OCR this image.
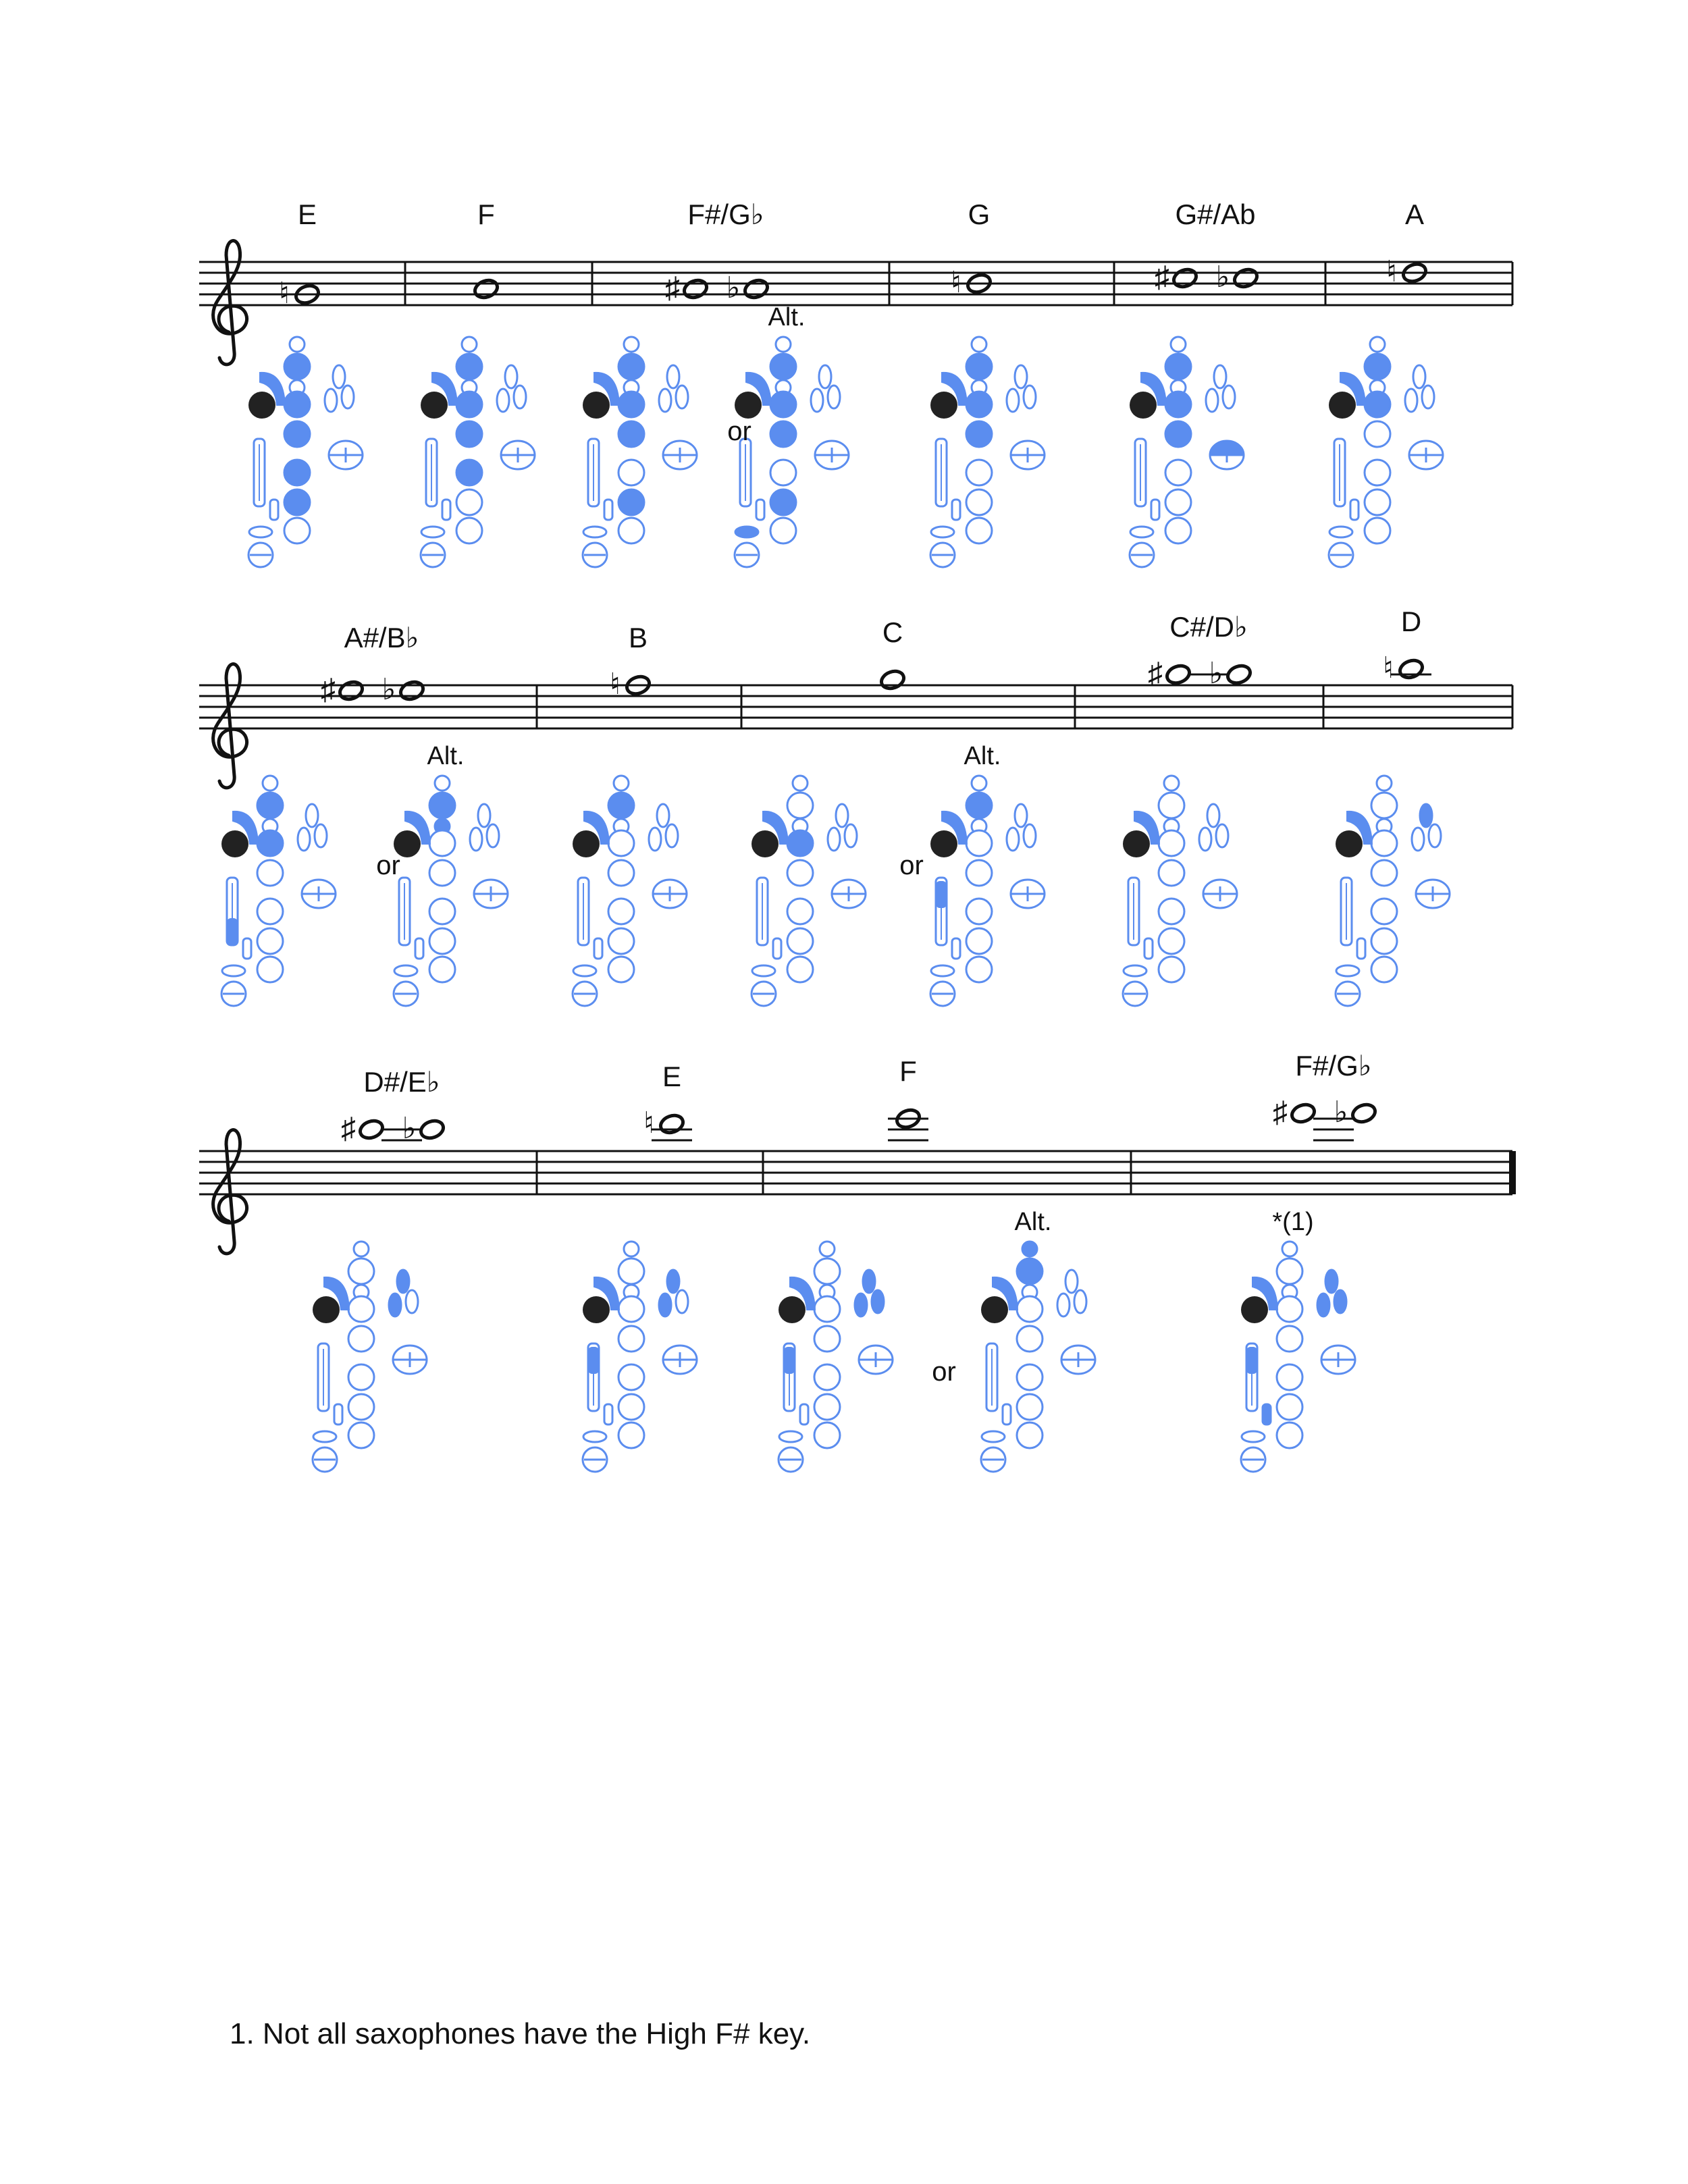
♮
E	F
♯ ♭
F#/G♭
♮
G
♯ ♭
G#/Ab
♮
A
Alt.
or
♯ ♭
A#/B♭
♮
B	C
♯ ♭
C#/D♭
♮
D
Alt.	Alt.
or	or
♯ ♭
D#/E♭
♮
E	F
♯ ♭
F#/G♭
Alt.	*(1)
or
1. Not all saxophones have the High F# key.
